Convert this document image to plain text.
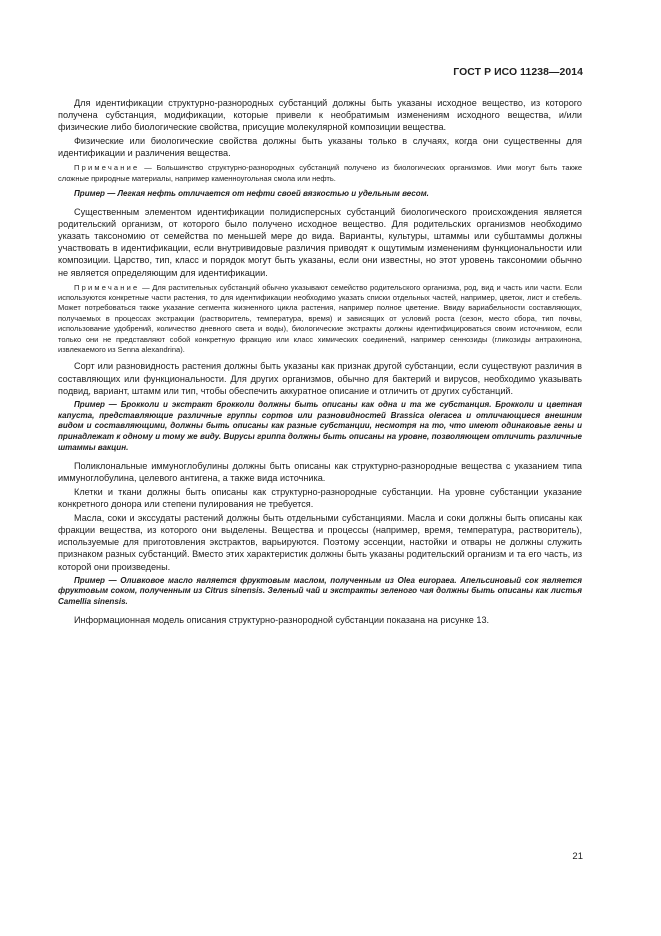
ГОСТ Р ИСО 11238—2014

Для идентификации структурно-разнородных субстанций должны быть указаны исходное вещество, из которого получена субстанция, модификации, которые привели к необратимым изменениям исходного вещества, и/или физические либо биологические свойства, присущие молекулярной композиции вещества.

Физические или биологические свойства должны быть указаны только в случаях, когда они существенны для идентификации и различения вещества.

Примечание — Большинство структурно-разнородных субстанций получено из биологических организмов. Ими могут быть также сложные природные материалы, например каменноугольная смола или нефть.

Пример — Легкая нефть отличается от нефти своей вязкостью и удельным весом.

Существенным элементом идентификации полидисперсных субстанций биологического происхождения является родительский организм, от которого было получено исходное вещество. Для родительских организмов необходимо указать таксономию от семейства по меньшей мере до вида. Варианты, культуры, штаммы или субштаммы должны участвовать в идентификации, если внутривидовые различия приводят к ощутимым изменениям функциональности или композиции. Царство, тип, класс и порядок могут быть указаны, если они известны, но этот уровень таксономии обычно не является определяющим для идентификации.

Примечание — Для растительных субстанций обычно указывают семейство родительского организма, род, вид и часть или части. Если используются конкретные части растения, то для идентификации необходимо указать списки отдельных частей, например, цветок, лист и стебель. Может потребоваться также указание сегмента жизненного цикла растения, например полное цветение. Ввиду вариабельности составляющих, получаемых в процессах экстракции (растворитель, температура, время) и зависящих от условий роста (сезон, место сбора, тип почвы, использование удобрений, количество дневного света и воды), биологические экстракты должны идентифицироваться своим источником, если только они не представляют собой конкретную фракцию или класс химических соединений, например сеннозиды (гликозиды антрахинона, извлекаемого из Senna alexandrina).

Сорт или разновидность растения должны быть указаны как признак другой субстанции, если существуют различия в составляющих или функциональности. Для других организмов, обычно для бактерий и вирусов, необходимо указывать подвид, вариант, штамм или тип, чтобы обеспечить аккуратное описание и отличить от других субстанций.

Пример — Брокколи и экстракт брокколи должны быть описаны как одна и та же субстанция. Брокколи и цветная капуста, представляющие различные группы сортов или разновидностей Brassica oleracea и отличающиеся внешним видом и составляющими, должны быть описаны как разные субстанции, несмотря на то, что имеют одинаковые гены и принадлежат к одному и тому же виду. Вирусы гриппа должны быть описаны на уровне, позволяющем отличить различные штаммы вакцин.

Поликлональные иммуноглобулины должны быть описаны как структурно-разнородные вещества с указанием типа иммуноглобулина, целевого антигена, а также вида источника.

Клетки и ткани должны быть описаны как структурно-разнородные субстанции. На уровне субстанции указание конкретного донора или степени пулирования не требуется.

Масла, соки и экссудаты растений должны быть отдельными субстанциями. Масла и соки должны быть описаны как фракции вещества, из которого они выделены. Вещества и процессы (например, время, температура, растворитель), используемые для приготовления экстрактов, варьируются. Поэтому эссенции, настойки и отвары не должны служить признаком разных субстанций. Вместо этих характеристик должны быть указаны родительский организм и та его часть, из которой они произведены.

Пример — Оливковое масло является фруктовым маслом, полученным из Olea europaea. Апельсиновый сок является фруктовым соком, полученным из Citrus sinensis. Зеленый чай и экстракты зеленого чая должны быть описаны как листья Camellia sinensis.

Информационная модель описания структурно-разнородной субстанции показана на рисунке 13.

21
